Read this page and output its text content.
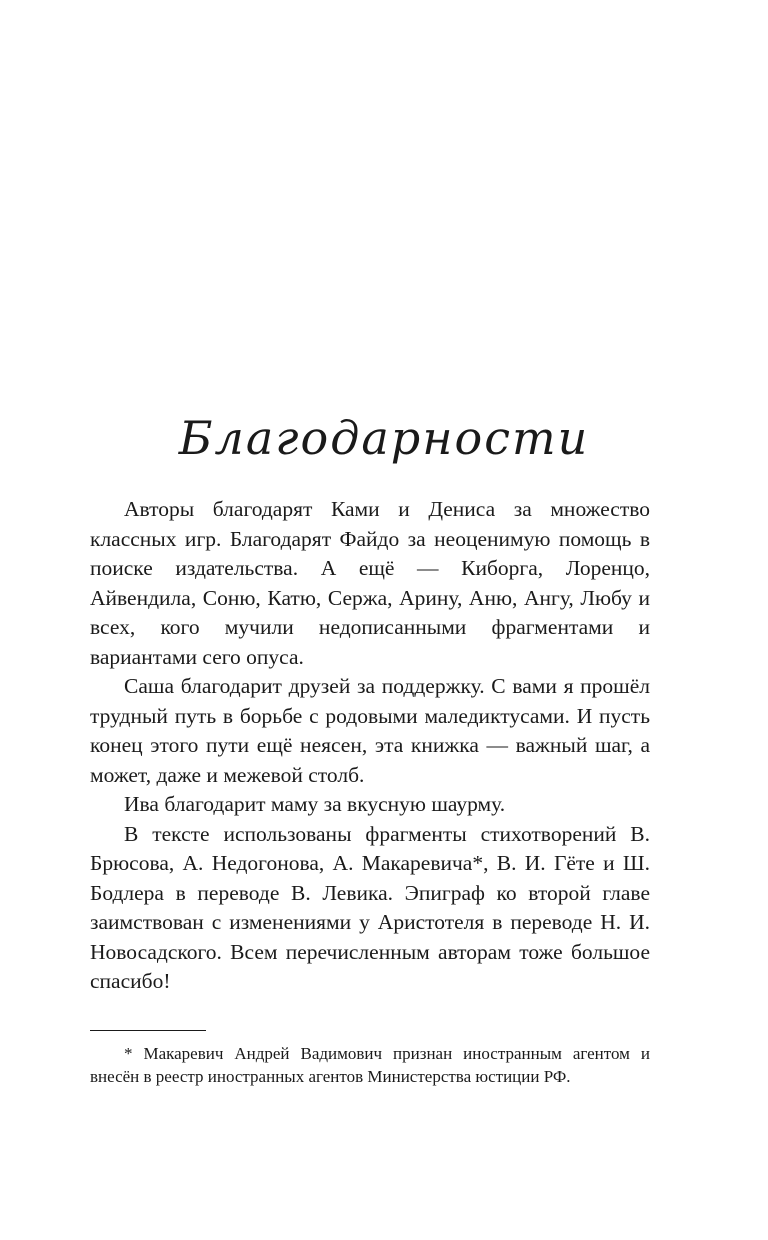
Благодарности

Авторы благодарят Ками и Дениса за множество классных игр. Благодарят Файдо за неоценимую помощь в поиске издательства. А ещё — Киборга, Лоренцо, Айвендила, Соню, Катю, Сержа, Арину, Аню, Ангу, Любу и всех, кого мучили недописанными фрагментами и вариантами сего опуса.

Саша благодарит друзей за поддержку. С вами я прошёл трудный путь в борьбе с родовыми маледиктусами. И пусть конец этого пути ещё неясен, эта книжка — важный шаг, а может, даже и межевой столб.

Ива благодарит маму за вкусную шаурму.

В тексте использованы фрагменты стихотворений В. Брюсова, А. Недогонова, А. Макаревича*, В. И. Гёте и Ш. Бодлера в переводе В. Левика. Эпиграф ко второй главе заимствован с изменениями у Аристотеля в переводе Н. И. Новосадского. Всем перечисленным авторам тоже большое спасибо!

* Макаревич Андрей Вадимович признан иностранным агентом и внесён в реестр иностранных агентов Министерства юстиции РФ.
